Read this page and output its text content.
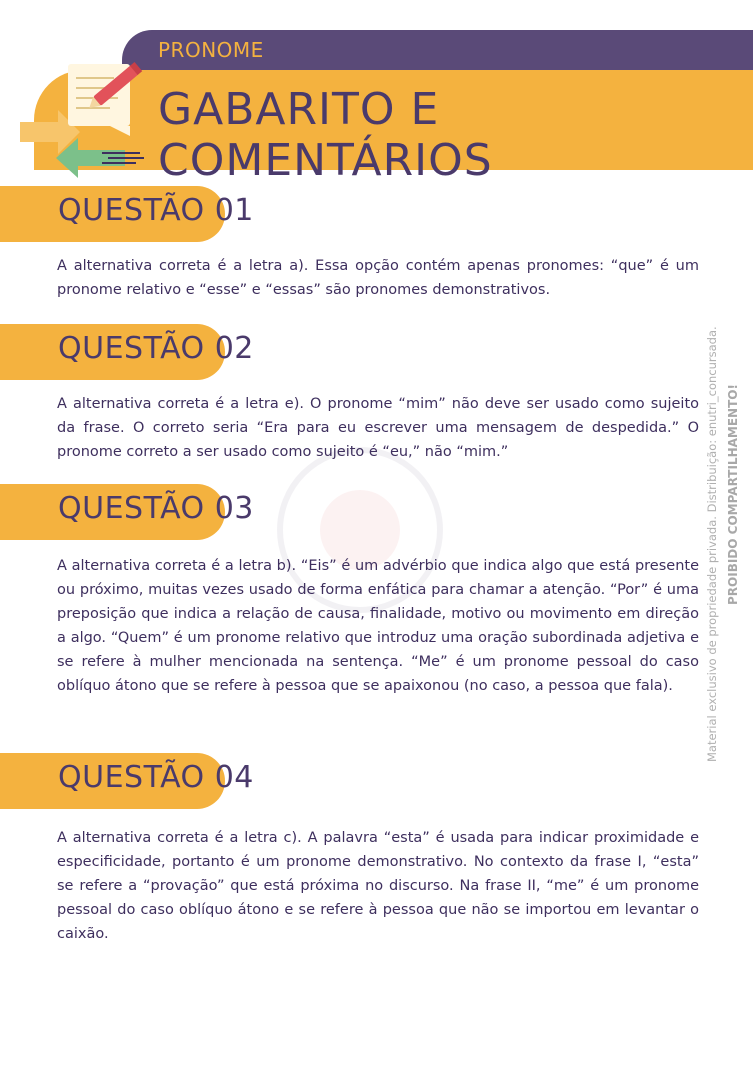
PRONOME
GABARITO E COMENTÁRIOS
QUESTÃO 01

A alternativa correta é a letra a). Essa opção contém apenas pronomes: “que” é um pronome relativo e “esse” e “essas” são pronomes demonstrativos.

QUESTÃO 02

A alternativa correta é a letra e). O pronome “mim” não deve ser usado como sujeito da frase. O correto seria “Era para eu escrever uma mensagem de despedida.” O pronome correto a ser usado como sujeito é “eu,” não “mim.”

QUESTÃO 03

A alternativa correta é a letra b). “Eis” é um advérbio que indica algo que está presente ou próximo, muitas vezes usado de forma enfática para chamar a atenção. “Por” é uma preposição que indica a relação de causa, finalidade, motivo ou movimento em direção a algo. “Quem” é um pronome relativo que introduz uma oração subordinada adjetiva e se refere à mulher mencionada na sentença. “Me” é um pronome pessoal do caso oblíquo átono que se refere à pessoa que se apaixonou (no caso, a pessoa que fala).

QUESTÃO 04

A alternativa correta é a letra c). A palavra “esta” é usada para indicar proximidade e especificidade, portanto é um pronome demonstrativo. No contexto da frase I, “esta” se refere a “provação” que está próxima no discurso. Na frase II, “me” é um pronome pessoal do caso oblíquo átono e se refere à pessoa que não se importou em levantar o caixão.

Material exclusivo de propriedade privada. Distribuição: enutri_concursada. PROIBIDO COMPARTILHAMENTO!
